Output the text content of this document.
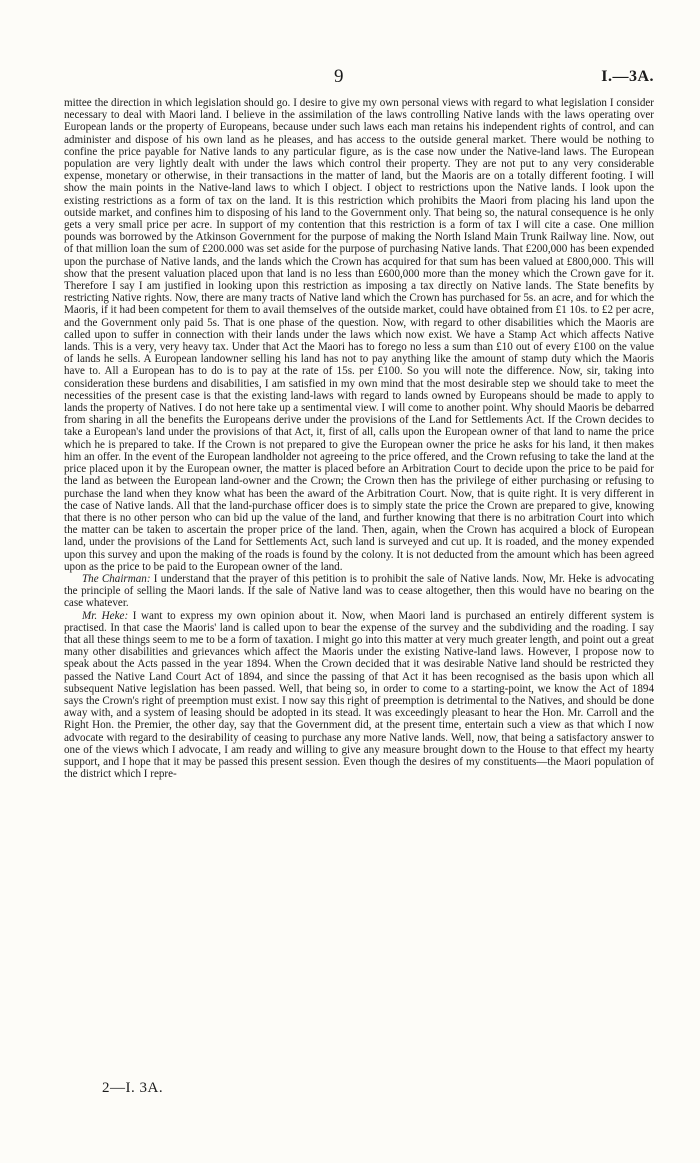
9	I.—3A.

mittee the direction in which legislation should go. I desire to give my own personal views with regard to what legislation I consider necessary to deal with Maori land. I believe in the assimilation of the laws controlling Native lands with the laws operating over European lands or the property of Europeans, because under such laws each man retains his independent rights of control, and can administer and dispose of his own land as he pleases, and has access to the outside general market. There would be nothing to confine the price payable for Native lands to any particular figure, as is the case now under the Native-land laws. The European population are very lightly dealt with under the laws which control their property. They are not put to any very considerable expense, monetary or otherwise, in their transactions in the matter of land, but the Maoris are on a totally different footing. I will show the main points in the Native-land laws to which I object. I object to restrictions upon the Native lands. I look upon the existing restrictions as a form of tax on the land. It is this restriction which prohibits the Maori from placing his land upon the outside market, and confines him to disposing of his land to the Government only. That being so, the natural consequence is he only gets a very small price per acre. In support of my contention that this restriction is a form of tax I will cite a case. One million pounds was borrowed by the Atkinson Government for the purpose of making the North Island Main Trunk Railway line. Now, out of that million loan the sum of £200.000 was set aside for the purpose of purchasing Native lands. That £200,000 has been expended upon the purchase of Native lands, and the lands which the Crown has acquired for that sum has been valued at £800,000. This will show that the present valuation placed upon that land is no less than £600,000 more than the money which the Crown gave for it. Therefore I say I am justified in looking upon this restriction as imposing a tax directly on Native lands. The State benefits by restricting Native rights. Now, there are many tracts of Native land which the Crown has purchased for 5s. an acre, and for which the Maoris, if it had been competent for them to avail themselves of the outside market, could have obtained from £1 10s. to £2 per acre, and the Government only paid 5s. That is one phase of the question. Now, with regard to other disabilities which the Maoris are called upon to suffer in connection with their lands under the laws which now exist. We have a Stamp Act which affects Native lands. This is a very, very heavy tax. Under that Act the Maori has to forego no less a sum than £10 out of every £100 on the value of lands he sells. A European landowner selling his land has not to pay anything like the amount of stamp duty which the Maoris have to. All a European has to do is to pay at the rate of 15s. per £100. So you will note the difference. Now, sir, taking into consideration these burdens and disabilities, I am satisfied in my own mind that the most desirable step we should take to meet the necessities of the present case is that the existing land-laws with regard to lands owned by Europeans should be made to apply to lands the property of Natives. I do not here take up a sentimental view. I will come to another point. Why should Maoris be debarred from sharing in all the benefits the Europeans derive under the provisions of the Land for Settlements Act. If the Crown decides to take a European's land under the provisions of that Act, it, first of all, calls upon the European owner of that land to name the price which he is prepared to take. If the Crown is not prepared to give the European owner the price he asks for his land, it then makes him an offer. In the event of the European landholder not agreeing to the price offered, and the Crown refusing to take the land at the price placed upon it by the European owner, the matter is placed before an Arbitration Court to decide upon the price to be paid for the land as between the European land-owner and the Crown; the Crown then has the privilege of either purchasing or refusing to purchase the land when they know what has been the award of the Arbitration Court. Now, that is quite right. It is very different in the case of Native lands. All that the land-purchase officer does is to simply state the price the Crown are prepared to give, knowing that there is no other person who can bid up the value of the land, and further knowing that there is no arbitration Court into which the matter can be taken to ascertain the proper price of the land. Then, again, when the Crown has acquired a block of European land, under the provisions of the Land for Settlements Act, such land is surveyed and cut up. It is roaded, and the money expended upon this survey and upon the making of the roads is found by the colony. It is not deducted from the amount which has been agreed upon as the price to be paid to the European owner of the land.

The Chairman: I understand that the prayer of this petition is to prohibit the sale of Native lands. Now, Mr. Heke is advocating the principle of selling the Maori lands. If the sale of Native land was to cease altogether, then this would have no bearing on the case whatever.

Mr. Heke: I want to express my own opinion about it. Now, when Maori land is purchased an entirely different system is practised. In that case the Maoris' land is called upon to bear the expense of the survey and the subdividing and the roading. I say that all these things seem to me to be a form of taxation. I might go into this matter at very much greater length, and point out a great many other disabilities and grievances which affect the Maoris under the existing Native-land laws. However, I propose now to speak about the Acts passed in the year 1894. When the Crown decided that it was desirable Native land should be restricted they passed the Native Land Court Act of 1894, and since the passing of that Act it has been recognised as the basis upon which all subsequent Native legislation has been passed. Well, that being so, in order to come to a starting-point, we know the Act of 1894 says the Crown's right of preemption must exist. I now say this right of preemption is detrimental to the Natives, and should be done away with, and a system of leasing should be adopted in its stead. It was exceedingly pleasant to hear the Hon. Mr. Carroll and the Right Hon. the Premier, the other day, say that the Government did, at the present time, entertain such a view as that which I now advocate with regard to the desirability of ceasing to purchase any more Native lands. Well, now, that being a satisfactory answer to one of the views which I advocate, I am ready and willing to give any measure brought down to the House to that effect my hearty support, and I hope that it may be passed this present session. Even though the desires of my constituents—the Maori population of the district which I repre-

2—I. 3A.
